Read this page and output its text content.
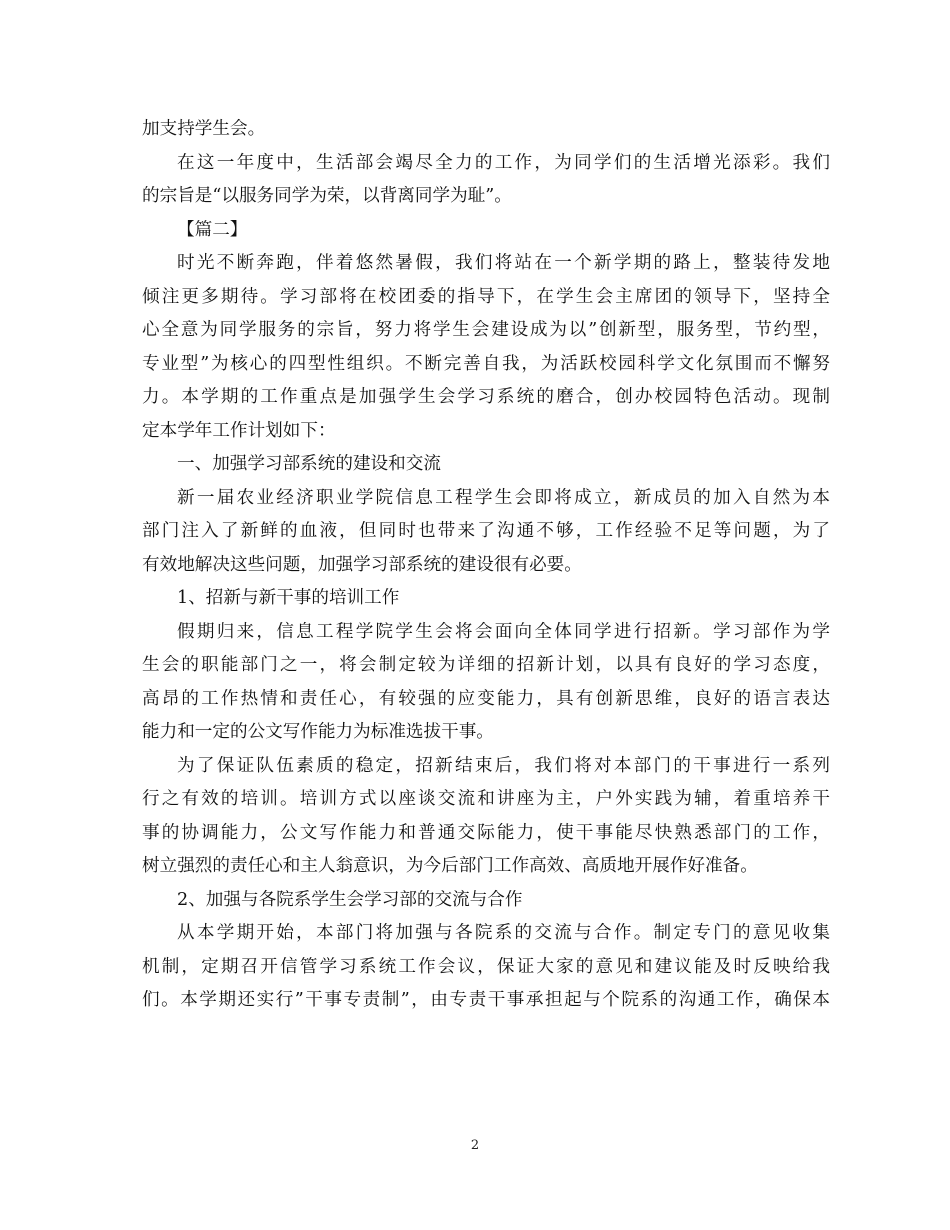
加支持学生会。
在这一年度中，生活部会竭尽全力的工作，为同学们的生活增光添彩。我们
的宗旨是“以服务同学为荣，以背离同学为耻”。
【篇二】
时光不断奔跑，伴着悠然暑假，我们将站在一个新学期的路上，整装待发地
倾注更多期待。学习部将在校团委的指导下，在学生会主席团的领导下，坚持全
心全意为同学服务的宗旨，努力将学生会建设成为以”创新型，服务型，节约型，
专业型”为核心的四型性组织。不断完善自我，为活跃校园科学文化氛围而不懈努
力。本学期的工作重点是加强学生会学习系统的磨合，创办校园特色活动。现制
定本学年工作计划如下：
一、加强学习部系统的建设和交流
新一届农业经济职业学院信息工程学生会即将成立，新成员的加入自然为本
部门注入了新鲜的血液，但同时也带来了沟通不够，工作经验不足等问题，为了
有效地解决这些问题，加强学习部系统的建设很有必要。
1、招新与新干事的培训工作
假期归来，信息工程学院学生会将会面向全体同学进行招新。学习部作为学
生会的职能部门之一，将会制定较为详细的招新计划，以具有良好的学习态度，
高昂的工作热情和责任心，有较强的应变能力，具有创新思维，良好的语言表达
能力和一定的公文写作能力为标准选拔干事。
为了保证队伍素质的稳定，招新结束后，我们将对本部门的干事进行一系列
行之有效的培训。培训方式以座谈交流和讲座为主，户外实践为辅，着重培养干
事的协调能力，公文写作能力和普通交际能力，使干事能尽快熟悉部门的工作，
树立强烈的责任心和主人翁意识，为今后部门工作高效、高质地开展作好准备。
2、加强与各院系学生会学习部的交流与合作
从本学期开始，本部门将加强与各院系的交流与合作。制定专门的意见收集
机制，定期召开信管学习系统工作会议，保证大家的意见和建议能及时反映给我
们。本学期还实行”干事专责制”，由专责干事承担起与个院系的沟通工作，确保本
2
